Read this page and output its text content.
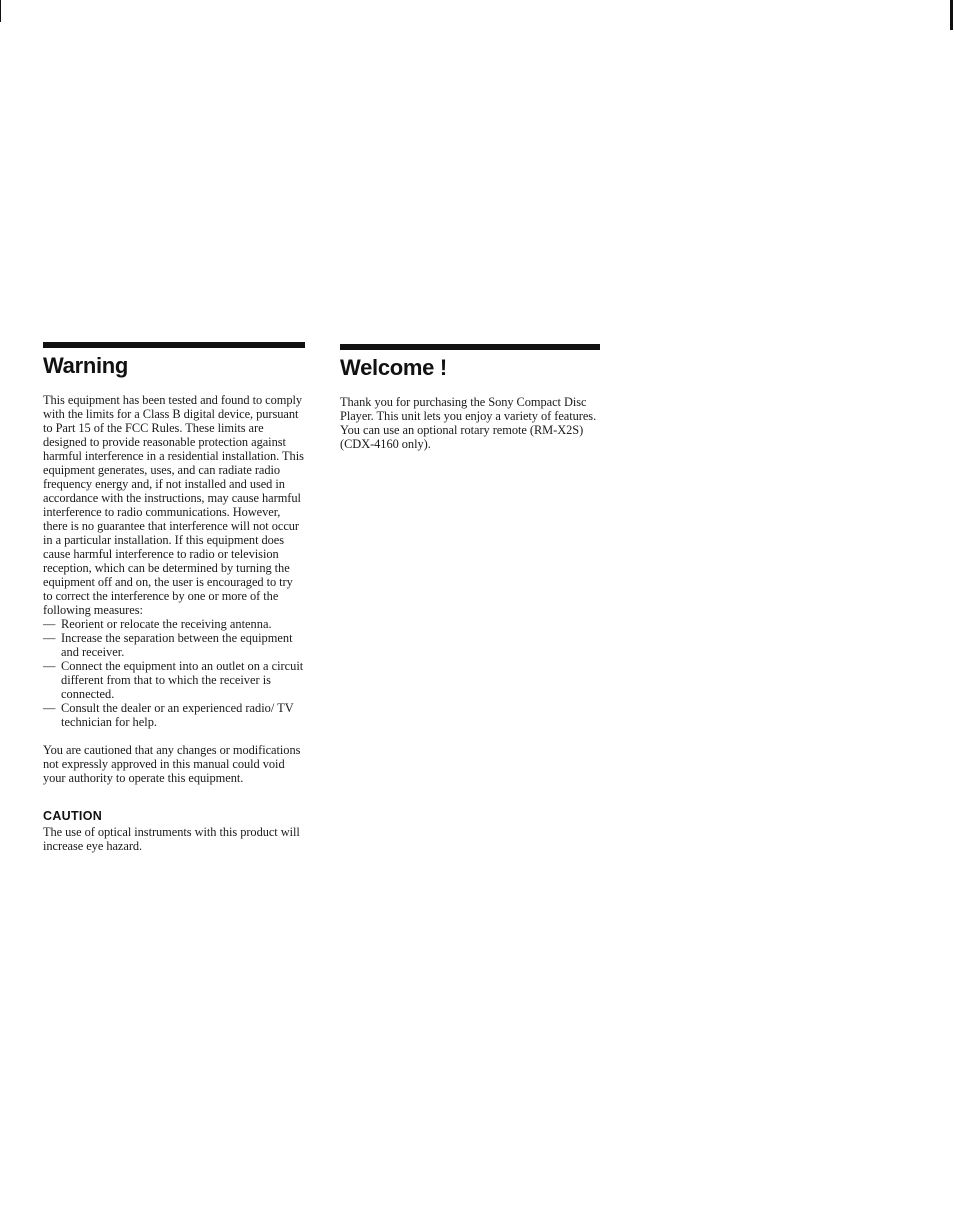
Warning

This equipment has been tested and found to comply with the limits for a Class B digital device, pursuant to Part 15 of the FCC Rules. These limits are designed to provide reasonable protection against harmful interference in a residential installation. This equipment generates, uses, and can radiate radio frequency energy and, if not installed and used in accordance with the instructions, may cause harmful interference to radio communications. However, there is no guarantee that interference will not occur in a particular installation. If this equipment does cause harmful interference to radio or television reception, which can be determined by turning the equipment off and on, the user is encouraged to try to correct the interference by one or more of the following measures:

— Reorient or relocate the receiving antenna.
— Increase the separation between the equipment and receiver.
— Connect the equipment into an outlet on a circuit different from that to which the receiver is connected.
— Consult the dealer or an experienced radio/ TV technician for help.

You are cautioned that any changes or modifications not expressly approved in this manual could void your authority to operate this equipment.

CAUTION

The use of optical instruments with this product will increase eye hazard.

Welcome !

Thank you for purchasing the Sony Compact Disc Player. This unit lets you enjoy a variety of features. You can use an optional rotary remote (RM-X2S) (CDX-4160 only).
